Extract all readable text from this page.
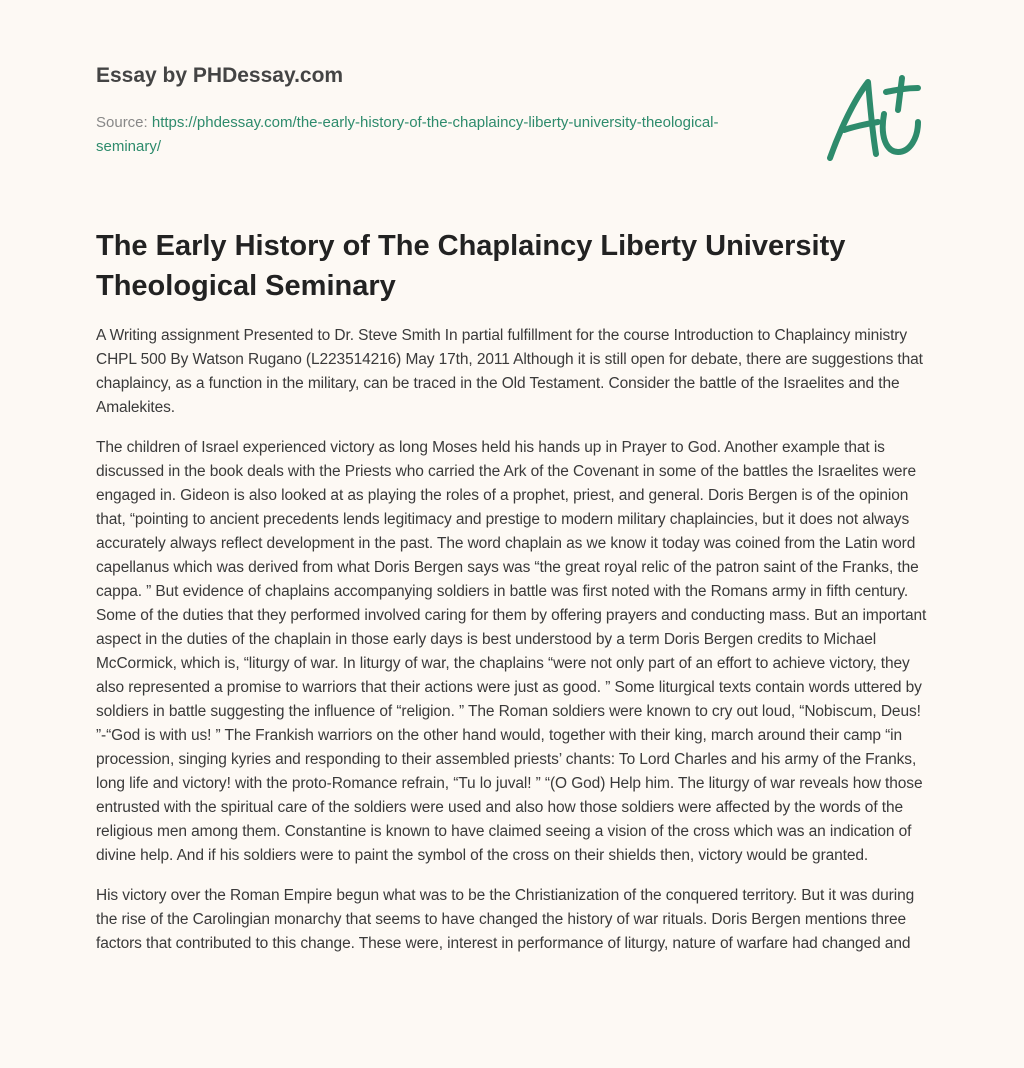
Essay by PHDessay.com

Source: https://phdessay.com/the-early-history-of-the-chaplaincy-liberty-university-theological-seminary/

The Early History of The Chaplaincy Liberty University Theological Seminary

A Writing assignment Presented to Dr. Steve Smith In partial fulfillment for the course Introduction to Chaplaincy ministry CHPL 500 By Watson Rugano (L223514216) May 17th, 2011 Although it is still open for debate, there are suggestions that chaplaincy, as a function in the military, can be traced in the Old Testament. Consider the battle of the Israelites and the Amalekites.

The children of Israel experienced victory as long Moses held his hands up in Prayer to God. Another example that is discussed in the book deals with the Priests who carried the Ark of the Covenant in some of the battles the Israelites were engaged in. Gideon is also looked at as playing the roles of a prophet, priest, and general. Doris Bergen is of the opinion that, “pointing to ancient precedents lends legitimacy and prestige to modern military chaplaincies, but it does not always accurately always reflect development in the past. The word chaplain as we know it today was coined from the Latin word capellanus which was derived from what Doris Bergen says was “the great royal relic of the patron saint of the Franks, the cappa. ” But evidence of chaplains accompanying soldiers in battle was first noted with the Romans army in fifth century. Some of the duties that they performed involved caring for them by offering prayers and conducting mass. But an important aspect in the duties of the chaplain in those early days is best understood by a term Doris Bergen credits to Michael McCormick, which is, “liturgy of war. In liturgy of war, the chaplains “were not only part of an effort to achieve victory, they also represented a promise to warriors that their actions were just as good. ” Some liturgical texts contain words uttered by soldiers in battle suggesting the influence of “religion. ” The Roman soldiers were known to cry out loud, “Nobiscum, Deus! ”-“God is with us! ” The Frankish warriors on the other hand would, together with their king, march around their camp “in procession, singing kyries and responding to their assembled priests’ chants: To Lord Charles and his army of the Franks, long life and victory! with the proto-Romance refrain, “Tu lo juval! ” “(O God) Help him. The liturgy of war reveals how those entrusted with the spiritual care of the soldiers were used and also how those soldiers were affected by the words of the religious men among them. Constantine is known to have claimed seeing a vision of the cross which was an indication of divine help. And if his soldiers were to paint the symbol of the cross on their shields then, victory would be granted.

His victory over the Roman Empire begun what was to be the Christianization of the conquered territory. But it was during the rise of the Carolingian monarchy that seems to have changed the history of war rituals. Doris Bergen mentions three factors that contributed to this change. These were, interest in performance of liturgy, nature of warfare had changed and
